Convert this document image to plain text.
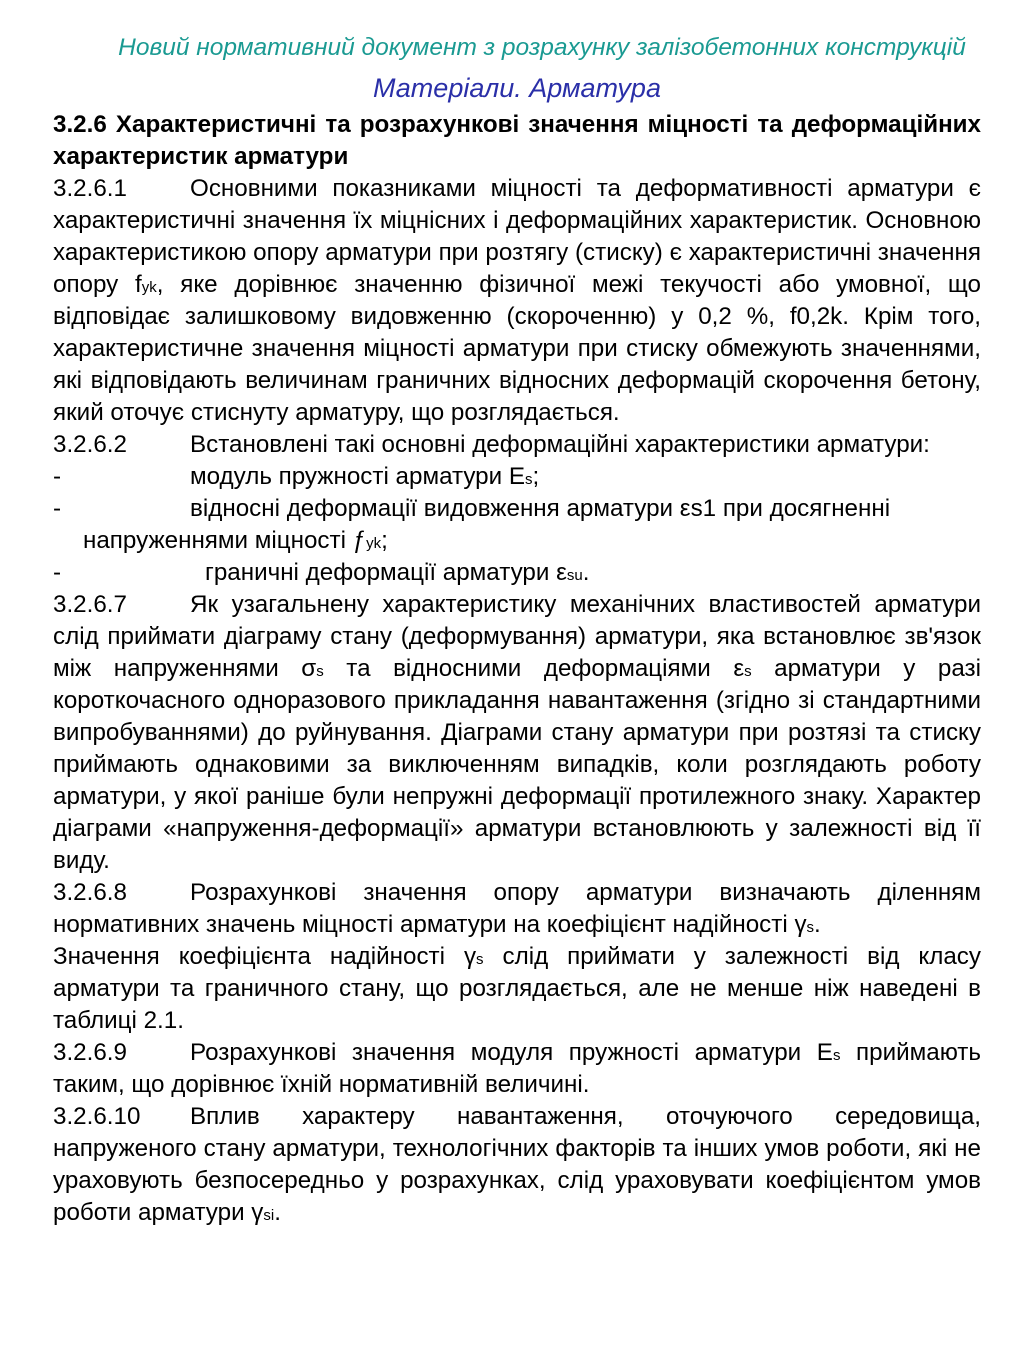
Новий нормативний документ з розрахунку залізобетонних конструкцій
Матеріали. Арматура

3.2.6 Характеристичні та розрахункові значення міцності та деформаційних характеристик арматури

3.2.6.1	Основними показниками міцності та деформативності арматури є характеристичні значення їх міцнісних і деформаційних характеристик. Основною характеристикою опору арматури при розтягу (стиску) є характеристичні значення опору fyk, яке дорівнює значенню фізичної межі текучості або умовної, що відповідає залишковому видовженню (скороченню) у 0,2 %, f0,2k. Крім того, характеристичне значення міцності арматури при стиску обмежують значеннями, які відповідають величинам граничних відносних деформацій скорочення бетону, який оточує стиснуту арматуру, що розглядається.

3.2.6.2	Встановлені такі основні деформаційні характеристики арматури:

-	модуль пружності арматури Es;

-	відносні деформації видовження арматури εs1 при досягненні

напруженнями міцності ƒyk;

-	граничні деформації арматури εsu.

3.2.6.7	Як узагальнену характеристику механічних властивостей арматури слід приймати діаграму стану (деформування) арматури, яка встановлює зв'язок між напруженнями σs та відносними деформаціями εs арматури у разі короткочасного одноразового прикладання навантаження (згідно зі стандартними випробуваннями) до руйнування. Діаграми стану арматури при розтязі та стиску приймають однаковими за виключенням випадків, коли розглядають роботу арматури, у якої раніше були непружні деформації протилежного знаку. Характер діаграми «напруження-деформації» арматури встановлюють у залежності від її виду.

3.2.6.8	Розрахункові значення опору арматури визначають діленням нормативних значень міцності арматури на коефіцієнт надійності γs.

Значення коефіцієнта надійності γs слід приймати у залежності від класу арматури та граничного стану, що розглядається, але не менше ніж наведені в таблиці 2.1.

3.2.6.9	Розрахункові значення модуля пружності арматури Es приймають таким, що дорівнює їхній нормативній величині.

3.2.6.10 Вплив характеру навантаження, оточуючого середовища, напруженого стану арматури, технологічних факторів та інших умов роботи, які не ураховують безпосередньо у розрахунках, слід ураховувати коефіцієнтом умов роботи арматури γsi.
